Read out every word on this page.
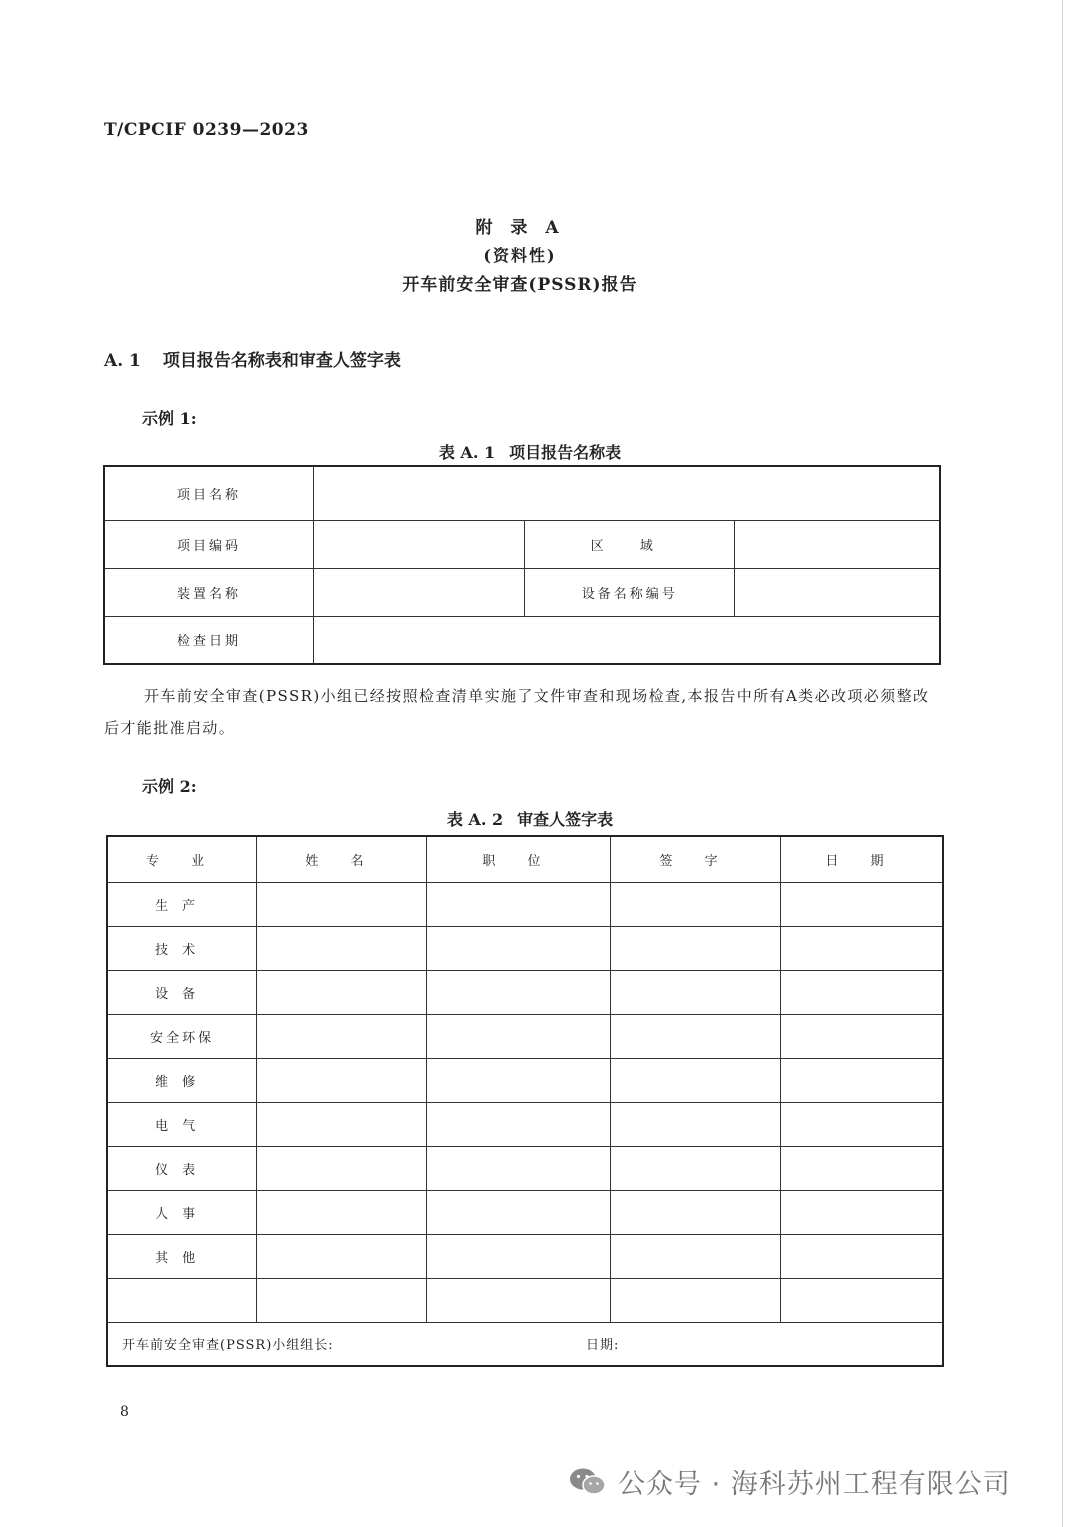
T/CPCIF 0239—2023
附 录 A
(资料性)
开车前安全审查(PSSR)报告
A. 1 项目报告名称表和审查人签字表
示例 1:
表 A. 1 项目报告名称表
项目名称			
项目编码		区 域	
装置名称		设备名称编号	
检查日期			
开车前安全审查(PSSR)小组已经按照检查清单实施了文件审查和现场检查,本报告中所有A类必改项必须整改后才能批准启动。
示例 2:
表 A. 2 审查人签字表
专 业	姓 名	职 位	签 字	日 期
生产				
技术				
设备				
安全环保				
维修				
电气				
仪表				
人事				
其他				

开车前安全审查(PSSR)小组组长: 日期:				
8
公众号 · 海科苏州工程有限公司
